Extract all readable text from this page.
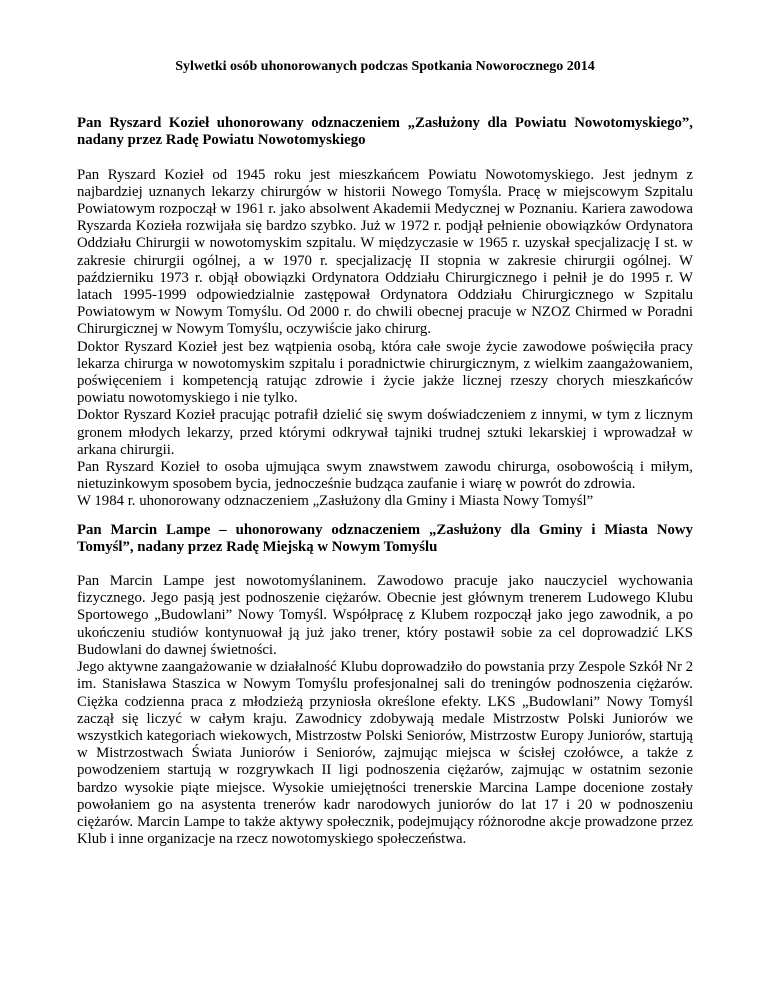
Sylwetki osób uhonorowanych podczas Spotkania Noworocznego 2014
Pan Ryszard Kozieł uhonorowany odznaczeniem „Zasłużony dla Powiatu Nowotomyskiego”, nadany przez Radę Powiatu Nowotomyskiego

Pan Ryszard Kozieł od 1945 roku jest mieszkańcem Powiatu Nowotomyskiego. Jest jednym z najbardziej uznanych lekarzy chirurgów w historii Nowego Tomyśla. Pracę w miejscowym Szpitalu Powiatowym rozpoczął w 1961 r. jako absolwent Akademii Medycznej w Poznaniu. Kariera zawodowa Ryszarda Kozieła rozwijała się bardzo szybko. Już w 1972 r. podjął pełnienie obowiązków Ordynatora Oddziału Chirurgii w nowotomyskim szpitalu. W międzyczasie w 1965 r. uzyskał specjalizację I st. w zakresie chirurgii ogólnej, a w 1970 r. specjalizację II stopnia w zakresie chirurgii ogólnej. W październiku 1973 r. objął obowiązki Ordynatora Oddziału Chirurgicznego i pełnił je do 1995 r. W latach 1995-1999 odpowiedzialnie zastępował Ordynatora Oddziału Chirurgicznego w Szpitalu Powiatowym w Nowym Tomyślu. Od 2000 r. do chwili obecnej pracuje w NZOZ Chirmed w Poradni Chirurgicznej w Nowym Tomyślu, oczywiście jako chirurg.

Doktor Ryszard Kozieł jest bez wątpienia osobą, która całe swoje życie zawodowe poświęciła pracy lekarza chirurga w nowotomyskim szpitalu i poradnictwie chirurgicznym, z wielkim zaangażowaniem, poświęceniem i kompetencją ratując zdrowie i życie jakże licznej rzeszy chorych mieszkańców powiatu nowotomyskiego i nie tylko.

Doktor Ryszard Kozieł pracując potrafił dzielić się swym doświadczeniem z innymi, w tym z licznym gronem młodych lekarzy, przed którymi odkrywał tajniki trudnej sztuki lekarskiej i wprowadzał w arkana chirurgii.

Pan Ryszard Kozieł to osoba ujmująca swym znawstwem zawodu chirurga, osobowością i miłym, nietuzinkowym sposobem bycia, jednocześnie budząca zaufanie i wiarę w powrót do zdrowia.

W 1984 r. uhonorowany odznaczeniem „Zasłużony dla Gminy i Miasta Nowy Tomyśl”

Pan Marcin Lampe – uhonorowany odznaczeniem „Zasłużony dla Gminy i Miasta Nowy Tomyśl”, nadany przez Radę Miejską w Nowym Tomyślu

Pan Marcin Lampe jest nowotomyślaninem. Zawodowo pracuje jako nauczyciel wychowania fizycznego. Jego pasją jest podnoszenie ciężarów. Obecnie jest głównym trenerem Ludowego Klubu Sportowego „Budowlani” Nowy Tomyśl. Współpracę z Klubem rozpoczął jako jego zawodnik, a po ukończeniu studiów kontynuował ją już jako trener, który postawił sobie za cel doprowadzić LKS Budowlani do dawnej świetności.

Jego aktywne zaangażowanie w działalność Klubu doprowadziło do powstania przy Zespole Szkół Nr 2 im. Stanisława Staszica w Nowym Tomyślu profesjonalnej sali do treningów podnoszenia ciężarów. Ciężka codzienna praca z młodzieżą przyniosła określone efekty. LKS „Budowlani” Nowy Tomyśl zaczął się liczyć w całym kraju. Zawodnicy zdobywają medale Mistrzostw Polski Juniorów we wszystkich kategoriach wiekowych, Mistrzostw Polski Seniorów, Mistrzostw Europy Juniorów, startują w Mistrzostwach Świata Juniorów i Seniorów, zajmując miejsca w ścisłej czołówce, a także z powodzeniem startują w rozgrywkach II ligi podnoszenia ciężarów, zajmując w ostatnim sezonie bardzo wysokie piąte miejsce. Wysokie umiejętności trenerskie Marcina Lampe docenione zostały powołaniem go na asystenta trenerów kadr narodowych juniorów do lat 17 i 20 w podnoszeniu ciężarów. Marcin Lampe to także aktywy społecznik, podejmujący różnorodne akcje prowadzone przez Klub i inne organizacje na rzecz nowotomyskiego społeczeństwa.
